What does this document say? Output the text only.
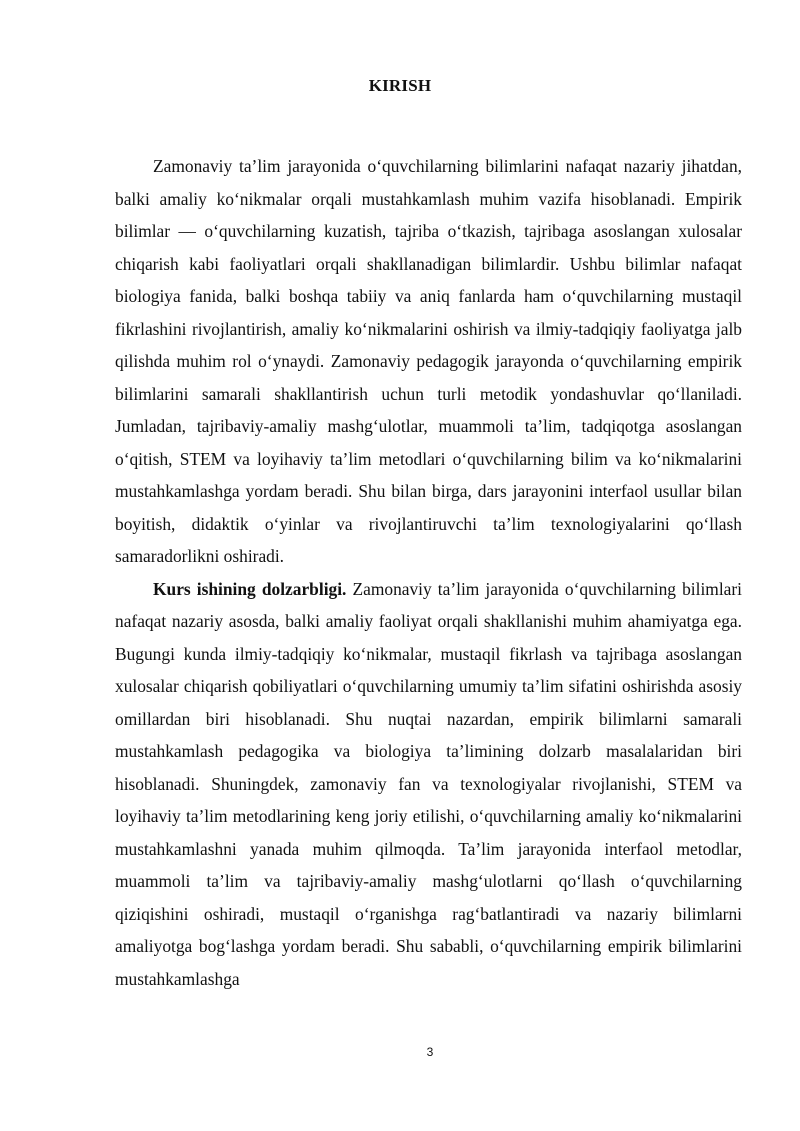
KIRISH

Zamonaviy ta’lim jarayonida o‘quvchilarning bilimlarini nafaqat nazariy jihatdan, balki amaliy ko‘nikmalar orqali mustahkamlash muhim vazifa hisoblanadi. Empirik bilimlar — o‘quvchilarning kuzatish, tajriba o‘tkazish, tajribaga asoslangan xulosalar chiqarish kabi faoliyatlari orqali shakllanadigan bilimlardir. Ushbu bilimlar nafaqat biologiya fanida, balki boshqa tabiiy va aniq fanlarda ham o‘quvchilarning mustaqil fikrlashini rivojlantirish, amaliy ko‘nikmalarini oshirish va ilmiy-tadqiqiy faoliyatga jalb qilishda muhim rol o‘ynaydi. Zamonaviy pedagogik jarayonda o‘quvchilarning empirik bilimlarini samarali shakllantirish uchun turli metodik yondashuvlar qo‘llaniladi. Jumladan, tajribaviy-amaliy mashg‘ulotlar, muammoli ta’lim, tadqiqotga asoslangan o‘qitish, STEM va loyihaviy ta’lim metodlari o‘quvchilarning bilim va ko‘nikmalarini mustahkamlashga yordam beradi. Shu bilan birga, dars jarayonini interfaol usullar bilan boyitish, didaktik o‘yinlar va rivojlantiruvchi ta’lim texnologiyalarini qo‘llash samaradorlikni oshiradi.

Kurs ishining dolzarbligi. Zamonaviy ta’lim jarayonida o‘quvchilarning bilimlari nafaqat nazariy asosda, balki amaliy faoliyat orqali shakllanishi muhim ahamiyatga ega. Bugungi kunda ilmiy-tadqiqiy ko‘nikmalar, mustaqil fikrlash va tajribaga asoslangan xulosalar chiqarish qobiliyatlari o‘quvchilarning umumiy ta’lim sifatini oshirishda asosiy omillardan biri hisoblanadi. Shu nuqtai nazardan, empirik bilimlarni samarali mustahkamlash pedagogika va biologiya ta’limining dolzarb masalalaridan biri hisoblanadi. Shuningdek, zamonaviy fan va texnologiyalar rivojlanishi, STEM va loyihaviy ta’lim metodlarining keng joriy etilishi, o‘quvchilarning amaliy ko‘nikmalarini mustahkamlashni yanada muhim qilmoqda. Ta’lim jarayonida interfaol metodlar, muammoli ta’lim va tajribaviy-amaliy mashg‘ulotlarni qo‘llash o‘quvchilarning qiziqishini oshiradi, mustaqil o‘rganishga rag‘batlantiradi va nazariy bilimlarni amaliyotga bog‘lashga yordam beradi. Shu sababli, o‘quvchilarning empirik bilimlarini mustahkamlashga

3
